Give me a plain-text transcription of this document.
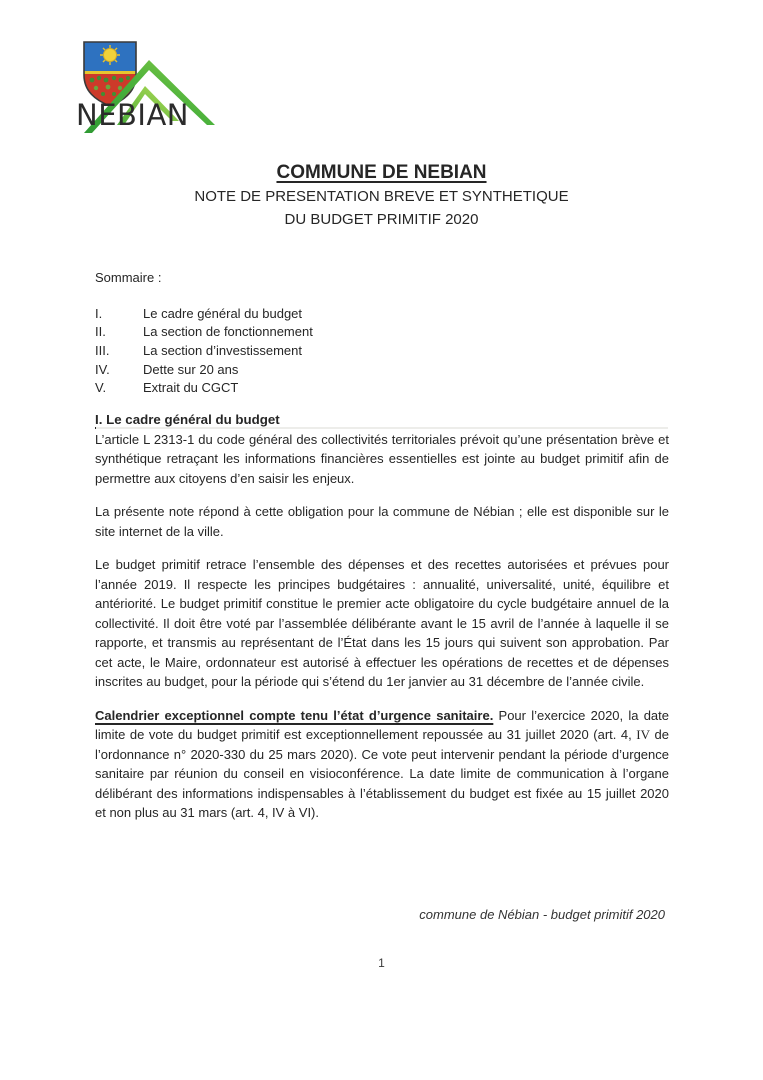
NEBIAN
COMMUNE DE NEBIAN
NOTE DE PRESENTATION BREVE ET SYNTHETIQUE
DU BUDGET PRIMITIF 2020
Sommaire :
I.	Le cadre général du budget
II.	La section de fonctionnement
III.	La section d’investissement
IV.	Dette sur 20 ans
V.	Extrait du CGCT
I. Le cadre général du budget

L’article L 2313-1 du code général des collectivités territoriales prévoit qu’une présentation brève et synthétique retraçant les informations financières essentielles est jointe au budget primitif afin de permettre aux citoyens d’en saisir les enjeux.

La présente note répond à cette obligation pour la commune de Nébian ; elle est disponible sur le site internet de la ville.

Le budget primitif retrace l’ensemble des dépenses et des recettes autorisées et prévues pour l’année 2019. Il respecte les principes budgétaires : annualité, universalité, unité, équilibre et antériorité. Le budget primitif constitue le premier acte obligatoire du cycle budgétaire annuel de la collectivité. Il doit être voté par l’assemblée délibérante avant le 15 avril de l’année à laquelle il se rapporte, et transmis au représentant de l’État dans les 15 jours qui suivent son approbation. Par cet acte, le Maire, ordonnateur est autorisé à effectuer les opérations de recettes et de dépenses inscrites au budget, pour la période qui s’étend du 1er janvier au 31 décembre de l’année civile.

Calendrier exceptionnel compte tenu l’état d’urgence sanitaire. Pour l’exercice 2020, la date limite de vote du budget primitif est exceptionnellement repoussée au 31 juillet 2020 (art. 4, IV de l’ordonnance n° 2020-330 du 25 mars 2020). Ce vote peut intervenir pendant la période d’urgence sanitaire par réunion du conseil en visioconférence. La date limite de communication à l’organe délibérant des informations indispensables à l’établissement du budget est fixée au 15 juillet 2020 et non plus au 31 mars (art. 4, IV à VI).

commune de Nébian - budget primitif 2020
1
